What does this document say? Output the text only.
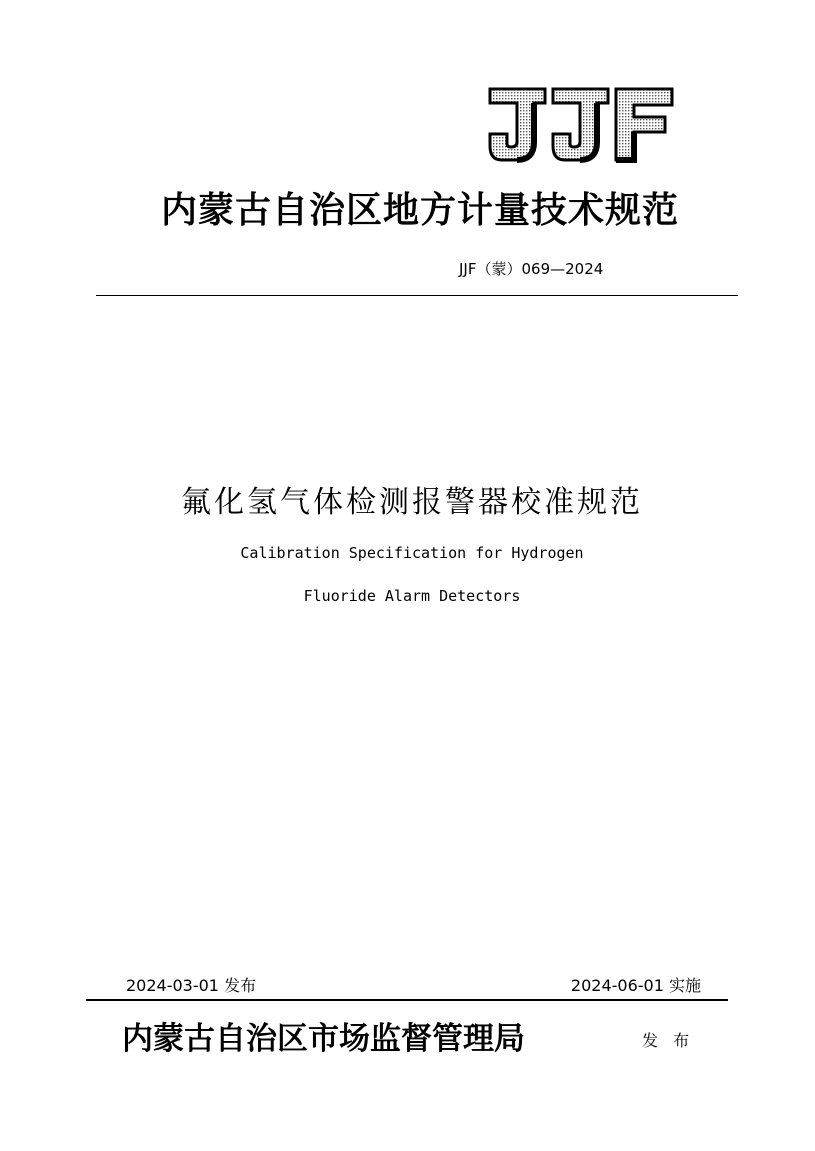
内蒙古自治区地方计量技术规范
JJF（蒙）069—2024
氟化氢气体检测报警器校准规范
Calibration Specification for Hydrogen
Fluoride Alarm Detectors
2024-03-01 发布	2024-06-01 实施
内蒙古自治区市场监督管理局	发 布
